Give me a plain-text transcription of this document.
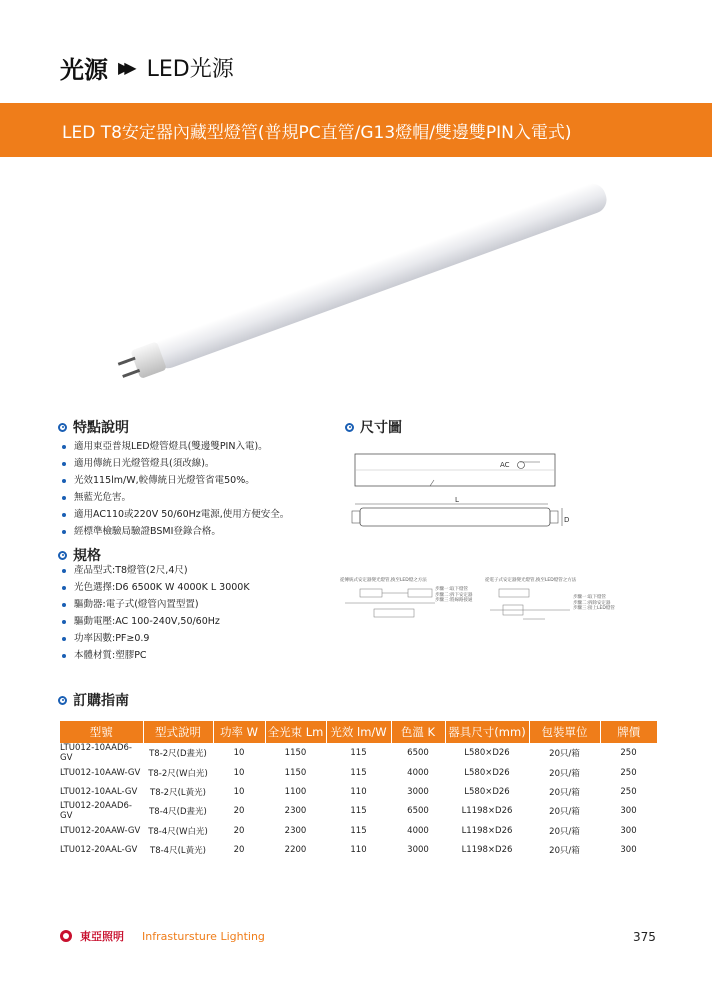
光源 ▶▶ LED光源
LED T8安定器內藏型燈管(普規PC直管/G13燈帽/雙邊雙PIN入電式)
特點說明
適用東亞普規LED燈管燈具(雙邊雙PIN入電)。
適用傳統日光燈管燈具(須改線)。
光效115lm/W,較傳統日光燈管省電50%。
無藍光危害。
適用AC110或220V 50/60Hz電源,使用方便安全。
經標準檢驗局驗證BSMI登錄合格。
規格
產品型式:T8燈管(2尺,4尺)
光色選擇:D6 6500K W 4000K L 3000K
驅動器:電子式(燈管內置型置)
驅動電壓:AC 100-240V,50/60Hz
功率因數:PF≥0.9
本體材質:塑膠PC
尺寸圖
AC
L
D
從傳統式安定器變光燈管,換至LED燈之方法
步驟一:取下燈管
步驟二:拆下安定器
步驟三:將線路接通
從電子式安定器變光燈管,換至LED燈管之方法
步驟一:取下燈管
步驟二:拆除安定器
步驟三:接上LED燈管
訂購指南
型號	型式說明	功率 W	全光束 Lm	光效 lm/W	色溫 K	器具尺寸(mm)	包裝單位	牌價
LTU012-10AAD6-GV	T8-2尺(D晝光)	10	1150	115	6500	L580×D26	20只/箱	250
LTU012-10AAW-GV	T8-2尺(W白光)	10	1150	115	4000	L580×D26	20只/箱	250
LTU012-10AAL-GV	T8-2尺(L黃光)	10	1100	110	3000	L580×D26	20只/箱	250
LTU012-20AAD6-GV	T8-4尺(D晝光)	20	2300	115	6500	L1198×D26	20只/箱	300
LTU012-20AAW-GV	T8-4尺(W白光)	20	2300	115	4000	L1198×D26	20只/箱	300
LTU012-20AAL-GV	T8-4尺(L黃光)	20	2200	110	3000	L1198×D26	20只/箱	300
東亞照明 Infrastursture Lighting	375
